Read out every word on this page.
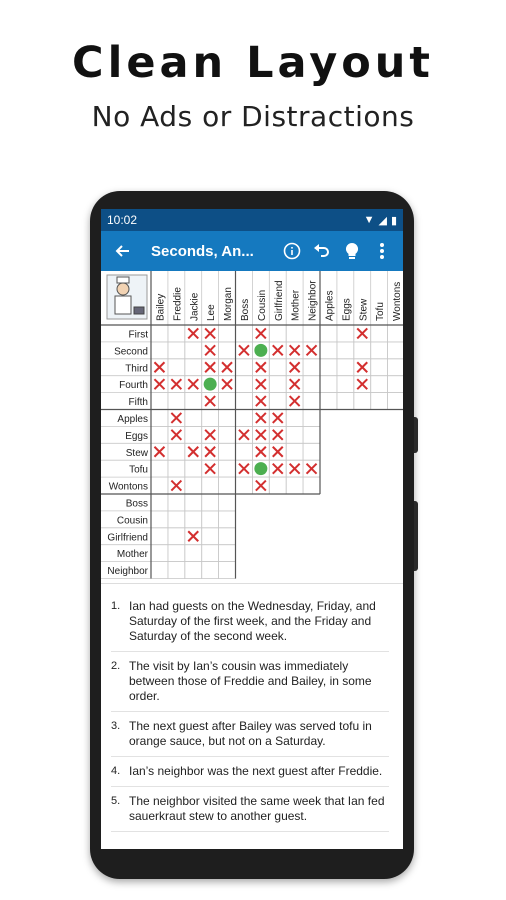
Clean Layout
No Ads or Distractions
10:02	▼ ◢ ▮
Seconds, An...
Bailey Freddie Jackie Lee Morgan Boss Cousin Girlfriend Mother Neighbor Apples Eggs Stew Tofu Wontons
First
Second
Third
Fourth
Fifth
Apples
Eggs
Stew
Tofu
Wontons
Boss
Cousin
Girlfriend
Mother
Neighbor
1. Ian had guests on the Wednesday, Friday, and Saturday of the first week, and the Friday and Saturday of the second week.
2. The visit by Ian’s cousin was immediately between those of Freddie and Bailey, in some order.
3. The next guest after Bailey was served tofu in orange sauce, but not on a Saturday.
4. Ian’s neighbor was the next guest after Freddie.
5. The neighbor visited the same week that Ian fed sauerkraut stew to another guest.
